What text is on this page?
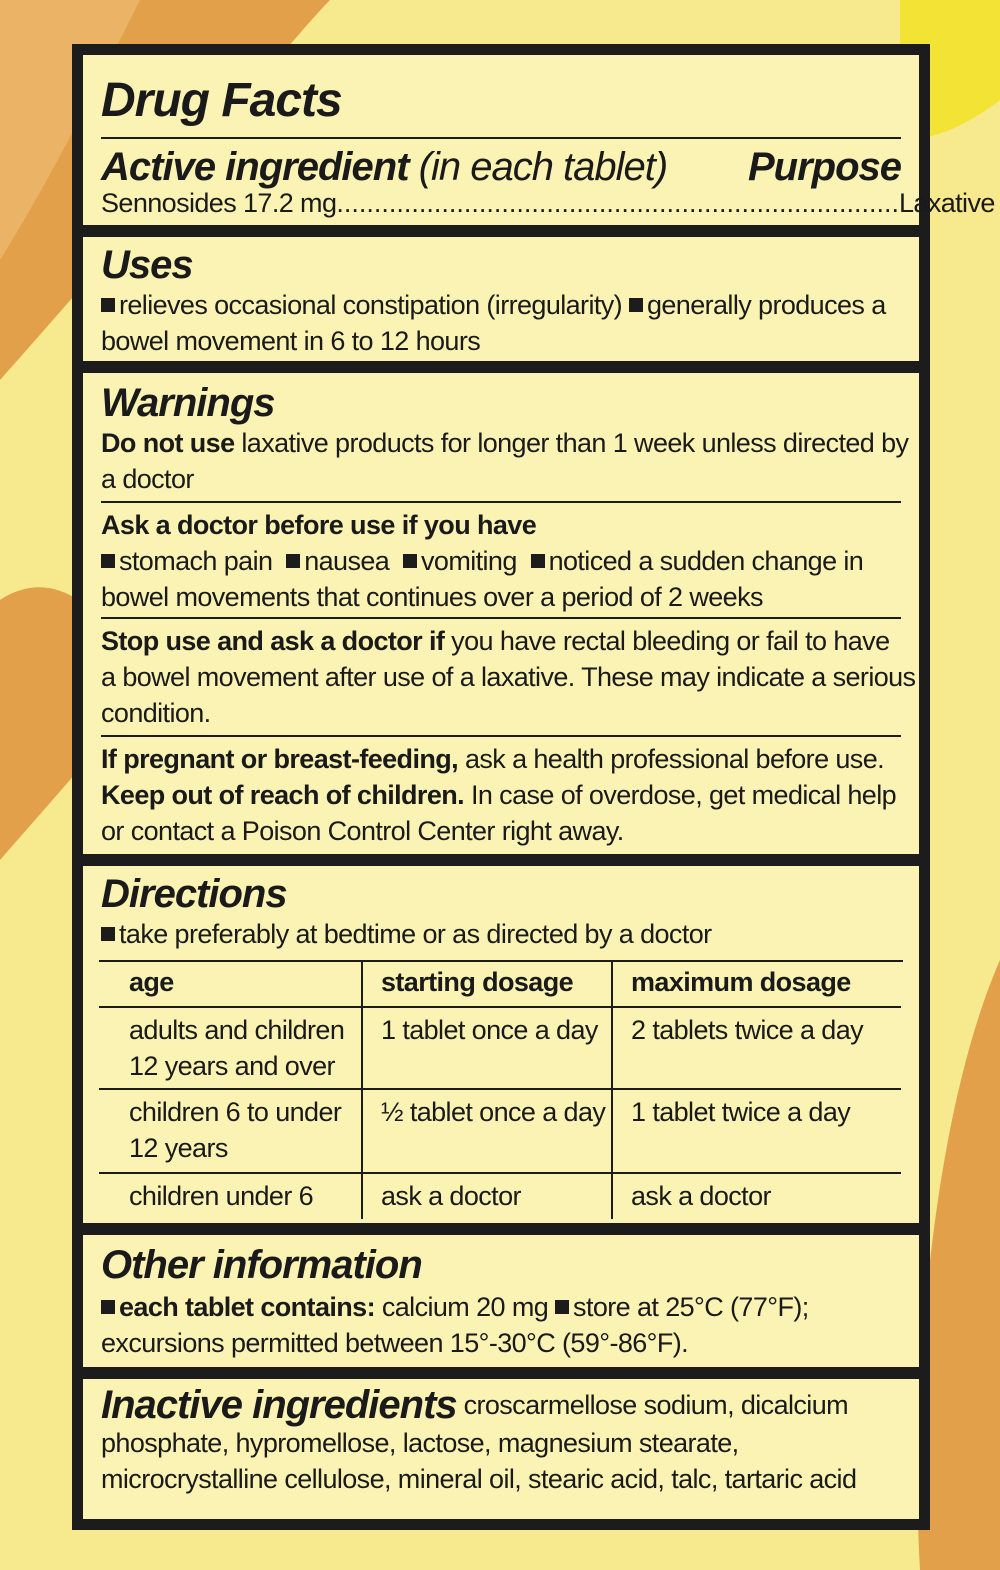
Drug Facts
Active ingredient (in each tablet) Purpose
Sennosides 17.2 mg ........................................................................... Laxative
Uses
relieves occasional constipation (irregularity) generally produces a
bowel movement in 6 to 12 hours
Warnings
Do not use laxative products for longer than 1 week unless directed by
a doctor
Ask a doctor before use if you have
stomach pain nausea vomiting noticed a sudden change in
bowel movements that continues over a period of 2 weeks
Stop use and ask a doctor if you have rectal bleeding or fail to have
a bowel movement after use of a laxative. These may indicate a serious
condition.
If pregnant or breast-feeding, ask a health professional before use.
Keep out of reach of children. In case of overdose, get medical help
or contact a Poison Control Center right away.
Directions
take preferably at bedtime or as directed by a doctor
age	starting dosage	maximum dosage

adults and children
12 years and over	1 tablet once a day	2 tablets twice a day

children 6 to under
12 years	½ tablet once a day	1 tablet twice a day
children under 6	ask a doctor	ask a doctor
Other information
each tablet contains: calcium 20 mg store at 25°C (77°F);
excursions permitted between 15°-30°C (59°-86°F).
Inactive ingredients croscarmellose sodium, dicalcium
phosphate, hypromellose, lactose, magnesium stearate,
microcrystalline cellulose, mineral oil, stearic acid, talc, tartaric acid
